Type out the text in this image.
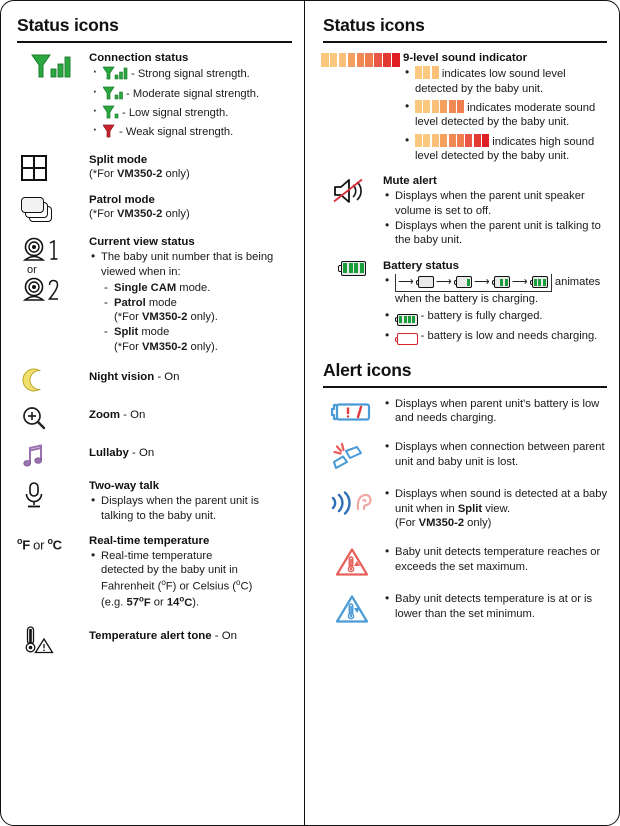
Status icons
Connection status
· - Strong signal strength.
· - Moderate signal strength.
· - Low signal strength.
· - Weak signal strength.
Split mode
(*For VM350-2 only)
Patrol mode
(*For VM350-2 only)
or
Current view status
• The baby unit number that is being viewed when in:
- Single CAM mode.
- Patrol mode
(*For VM350-2 only).
- Split mode
(*For VM350-2 only).
Night vision - On
Zoom - On
Lullaby - On
Two-way talk
• Displays when the parent unit is talking to the baby unit.
$^o$F or $^o$C Real-time temperature
• Real-time temperature
detected by the baby unit in
Fahrenheit ($^o$F) or Celsius ($^o$C)
(e.g. 57$^o$F or 14$^o$C).
Temperature alert tone - On
Status icons
9-level sound indicator
• indicates low sound level detected by the baby unit.
• indicates moderate sound level detected by the baby unit.
• indicates high sound level detected by the baby unit.
Mute alert
• Displays when the parent unit speaker volume is set to off.
• Displays when the parent unit is talking to the baby unit.
Battery status
• ⟶ ⟶ ⟶ ⟶ animates when the battery is charging.
• - battery is fully charged.
• - battery is low and needs charging.
Alert icons
• Displays when parent unit's battery is low and needs charging.
• Displays when connection between parent unit and baby unit is lost.
• Displays when sound is detected at a baby unit when in Split view.
(For VM350-2 only)
• Baby unit detects temperature reaches or exceeds the set maximum.
• Baby unit detects temperature is at or is lower than the set minimum.
